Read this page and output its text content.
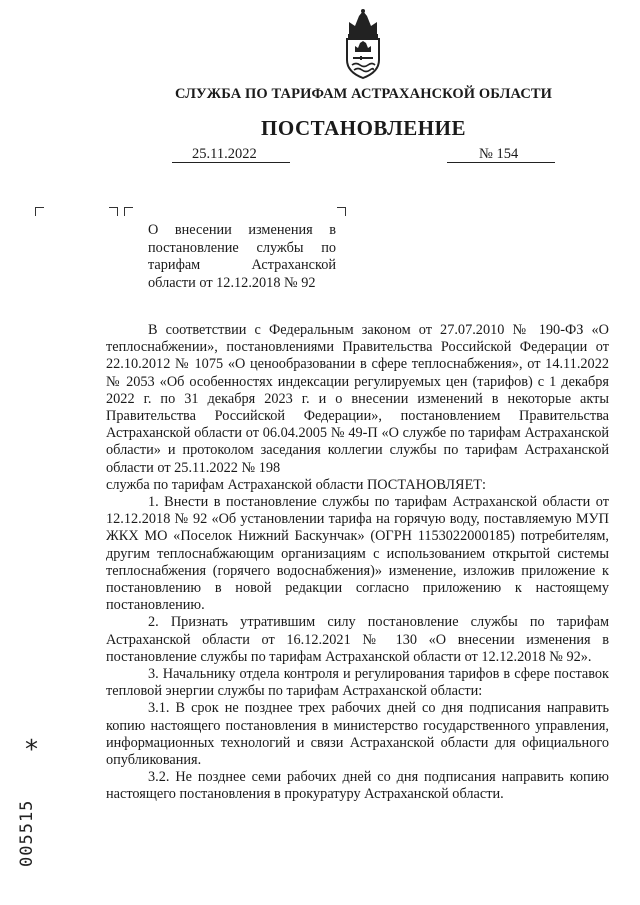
СЛУЖБА ПО ТАРИФАМ АСТРАХАНСКОЙ ОБЛАСТИ
ПОСТАНОВЛЕНИЕ
25.11.2022	№ 154
О внесении изменения в постановление службы по тарифам Астраханской области от 12.12.2018 № 92

В соответствии с Федеральным законом от 27.07.2010 № 190-ФЗ «О теплоснабжении», постановлениями Правительства Российской Федерации от 22.10.2012 № 1075 «О ценообразовании в сфере теплоснабжения», от 14.11.2022 № 2053 «Об особенностях индексации регулируемых цен (тарифов) с 1 декабря 2022 г. по 31 декабря 2023 г. и о внесении изменений в некоторые акты Правительства Российской Федерации», постановлением Правительства Астраханской области от 06.04.2005 № 49-П «О службе по тарифам Астраханской области» и протоколом заседания коллегии службы по тарифам Астраханской области от 25.11.2022 № 198

служба по тарифам Астраханской области ПОСТАНОВЛЯЕТ:

1. Внести в постановление службы по тарифам Астраханской области от 12.12.2018 № 92 «Об установлении тарифа на горячую воду, поставляемую МУП ЖКХ МО «Поселок Нижний Баскунчак» (ОГРН 1153022000185) потребителям, другим теплоснабжающим организациям с использованием открытой системы теплоснабжения (горячего водоснабжения)» изменение, изложив приложение к постановлению в новой редакции согласно приложению к настоящему постановлению.

2. Признать утратившим силу постановление службы по тарифам Астраханской области от 16.12.2021 № 130 «О внесении изменения в постановление службы по тарифам Астраханской области от 12.12.2018 № 92».

3. Начальнику отдела контроля и регулирования тарифов в сфере поставок тепловой энергии службы по тарифам Астраханской области:

3.1. В срок не позднее трех рабочих дней со дня подписания направить копию настоящего постановления в министерство государственного управления, информационных технологий и связи Астраханской области для официального опубликования.

3.2. Не позднее семи рабочих дней со дня подписания направить копию настоящего постановления в прокуратуру Астраханской области.

*
005515
